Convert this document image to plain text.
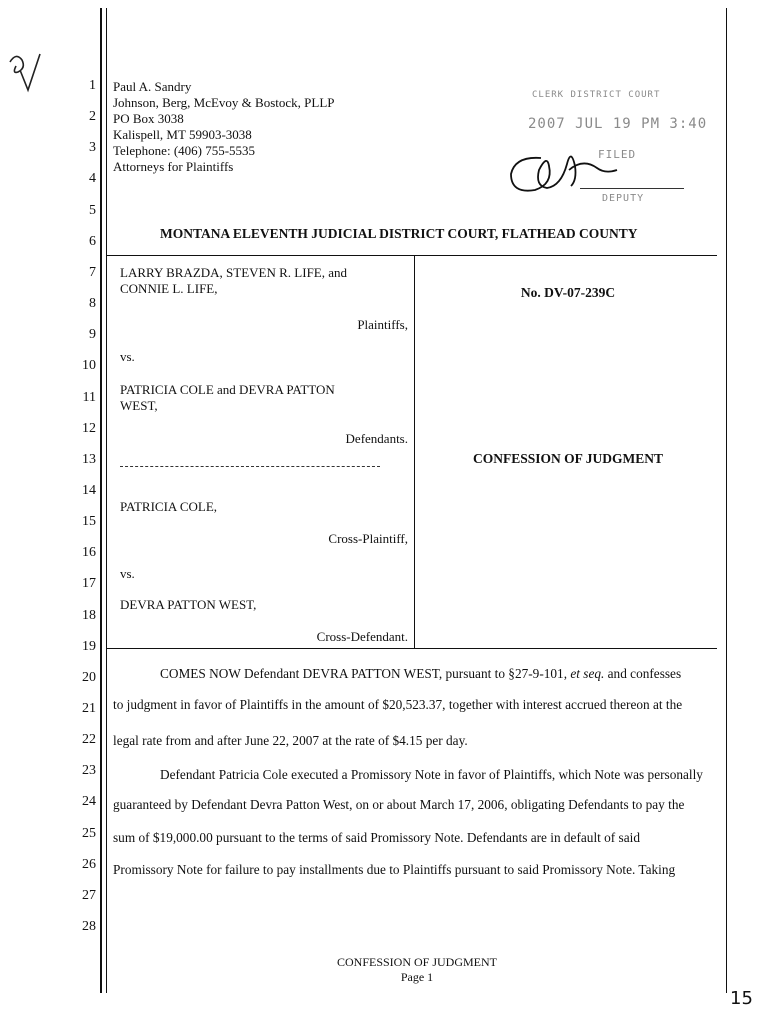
1
2
3
4
5
6
7
8
9
10
11
12
13
14
15
16
17
18
19
20
21
22
23
24
25
26
27
28
Paul A. Sandry
Johnson, Berg, McEvoy & Bostock, PLLP
PO Box 3038
Kalispell, MT 59903-3038
Telephone: (406) 755-5535
Attorneys for Plaintiffs
CLERK DISTRICT COURT
2007 JUL 19 PM 3:40
FILED
DEPUTY
MONTANA ELEVENTH JUDICIAL DISTRICT COURT, FLATHEAD COUNTY
LARRY BRAZDA, STEVEN R. LIFE, and
CONNIE L. LIFE,
Plaintiffs,
vs.
PATRICIA COLE and DEVRA PATTON
WEST,
Defendants.
PATRICIA COLE,
Cross-Plaintiff,
vs.
DEVRA PATTON WEST,
Cross-Defendant.
No. DV-07-239C
CONFESSION OF JUDGMENT
COMES NOW Defendant DEVRA PATTON WEST, pursuant to §27-9-101, et seq. and confesses
to judgment in favor of Plaintiffs in the amount of $20,523.37, together with interest accrued thereon at the
legal rate from and after June 22, 2007 at the rate of $4.15 per day.
Defendant Patricia Cole executed a Promissory Note in favor of Plaintiffs, which Note was personally
guaranteed by Defendant Devra Patton West, on or about March 17, 2006, obligating Defendants to pay the
sum of $19,000.00 pursuant to the terms of said Promissory Note. Defendants are in default of said
Promissory Note for failure to pay installments due to Plaintiffs pursuant to said Promissory Note. Taking
CONFESSION OF JUDGMENT
Page 1
15
